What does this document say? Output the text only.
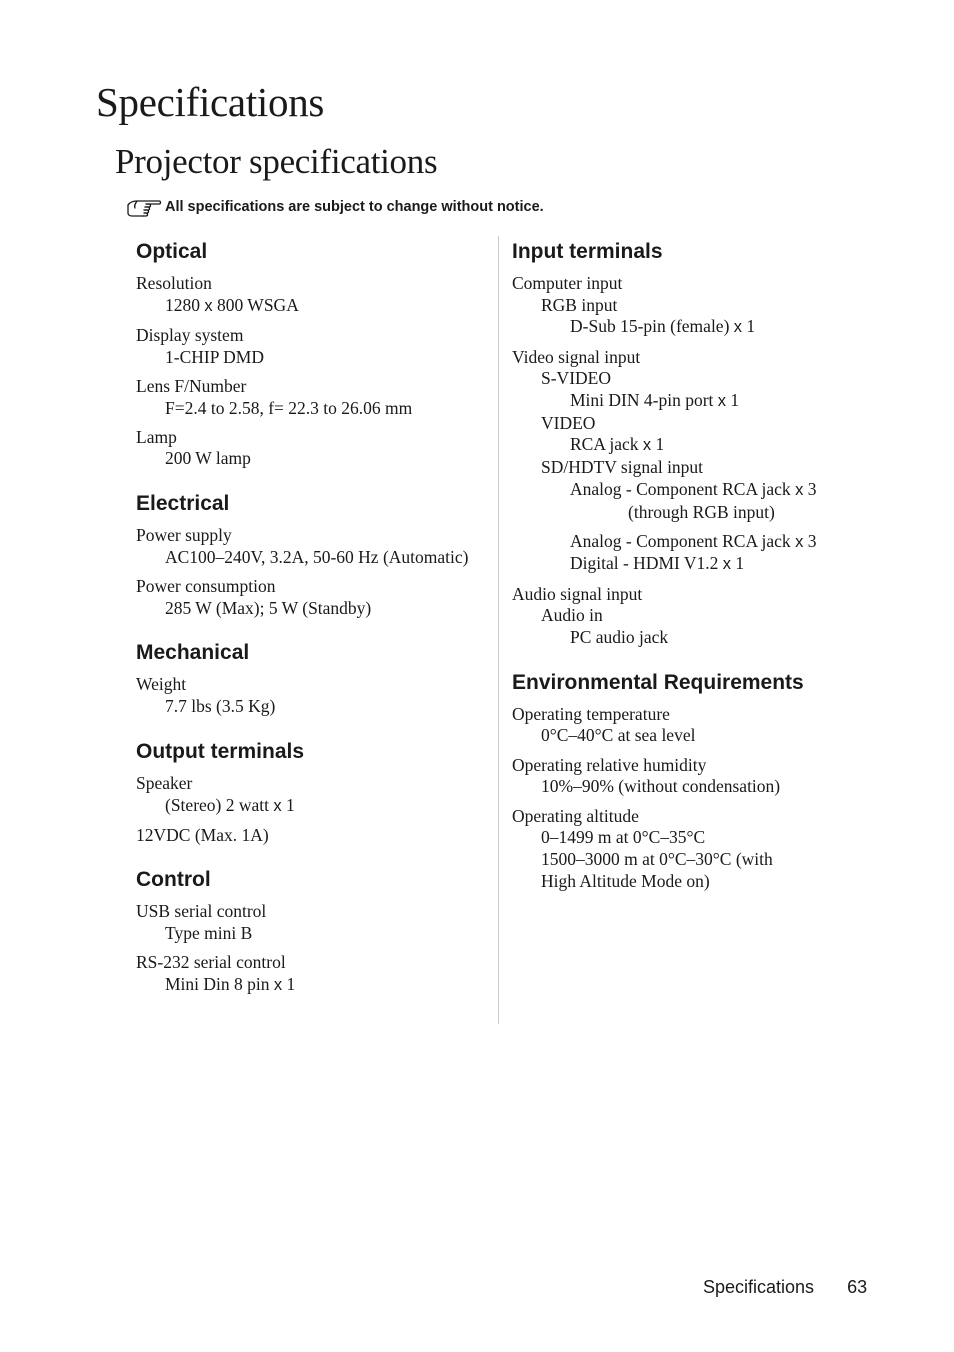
Specifications
Projector specifications
All specifications are subject to change without notice.
Optical
Resolution
1280 x 800 WSGA
Display system
1-CHIP DMD
Lens F/Number
F=2.4 to 2.58, f= 22.3 to 26.06 mm
Lamp
200 W lamp
Electrical
Power supply
AC100–240V, 3.2A, 50-60 Hz (Automatic)
Power consumption
285 W (Max); 5 W (Standby)
Mechanical
Weight
7.7 lbs (3.5 Kg)
Output terminals
Speaker
(Stereo) 2 watt x 1
12VDC (Max. 1A)
Control
USB serial control
Type mini B
RS-232 serial control
Mini Din 8 pin x 1
Input terminals
Computer input
RGB input
D-Sub 15-pin (female) x 1
Video signal input
S-VIDEO
Mini DIN 4-pin port x 1
VIDEO
RCA jack x 1
SD/HDTV signal input
Analog - Component RCA jack x 3
(through RGB input)
Analog - Component RCA jack x 3
Digital - HDMI V1.2 x 1
Audio signal input
Audio in
PC audio jack
Environmental Requirements
Operating temperature
0°C–40°C at sea level
Operating relative humidity
10%–90% (without condensation)
Operating altitude
0–1499 m at 0°C–35°C
1500–3000 m at 0°C–30°C (with
High Altitude Mode on)
Specifications 63
